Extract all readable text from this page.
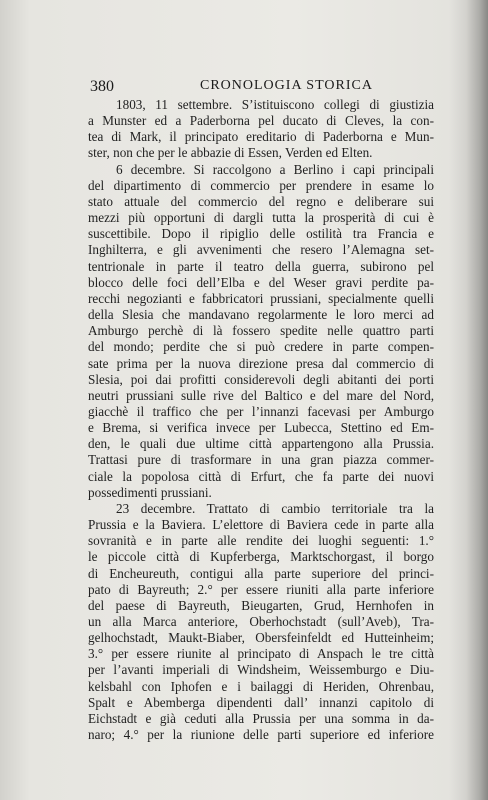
380	CRONOLOGIA STORICA
1803, 11 settembre. S’istituiscono collegi di giustizia
a Munster ed a Paderborna pel ducato di Cleves, la con-
tea di Mark, il principato ereditario di Paderborna e Mun-
ster, non che per le abbazie di Essen, Verden ed Elten.
6 decembre. Si raccolgono a Berlino i capi principali
del dipartimento di commercio per prendere in esame lo
stato attuale del commercio del regno e deliberare sui
mezzi più opportuni di dargli tutta la prosperità di cui è
suscettibile. Dopo il ripiglio delle ostilità tra Francia e
Inghilterra, e gli avvenimenti che resero l’Alemagna set-
tentrionale in parte il teatro della guerra, subirono pel
blocco delle foci dell’Elba e del Weser gravi perdite pa-
recchi negozianti e fabbricatori prussiani, specialmente quelli
della Slesia che mandavano regolarmente le loro merci ad
Amburgo perchè di là fossero spedite nelle quattro parti
del mondo; perdite che si può credere in parte compen-
sate prima per la nuova direzione presa dal commercio di
Slesia, poi dai profitti considerevoli degli abitanti dei porti
neutri prussiani sulle rive del Baltico e del mare del Nord,
giacchè il traffico che per l’innanzi facevasi per Amburgo
e Brema, si verifica invece per Lubecca, Stettino ed Em-
den, le quali due ultime città appartengono alla Prussia.
Trattasi pure di trasformare in una gran piazza commer-
ciale la popolosa città di Erfurt, che fa parte dei nuovi
possedimenti prussiani.
23 decembre. Trattato di cambio territoriale tra la
Prussia e la Baviera. L’elettore di Baviera cede in parte alla
sovranità e in parte alle rendite dei luoghi seguenti: 1.°
le piccole città di Kupferberga, Marktschorgast, il borgo
di Encheureuth, contigui alla parte superiore del princi-
pato di Bayreuth; 2.° per essere riuniti alla parte inferiore
del paese di Bayreuth, Bieugarten, Grud, Hernhofen in
un alla Marca anteriore, Oberhochstadt (sull’Aveb), Tra-
gelhochstadt, Maukt-Biaber, Obersfeinfeldt ed Hutteinheim;
3.° per essere riunite al principato di Anspach le tre città
per l’avanti imperiali di Windsheim, Weissemburgo e Diu-
kelsbahl con Iphofen e i bailaggi di Heriden, Ohrenbau,
Spalt e Abemberga dipendenti dall’ innanzi capitolo di
Eichstadt e già ceduti alla Prussia per una somma in da-
naro; 4.° per la riunione delle parti superiore ed inferiore
